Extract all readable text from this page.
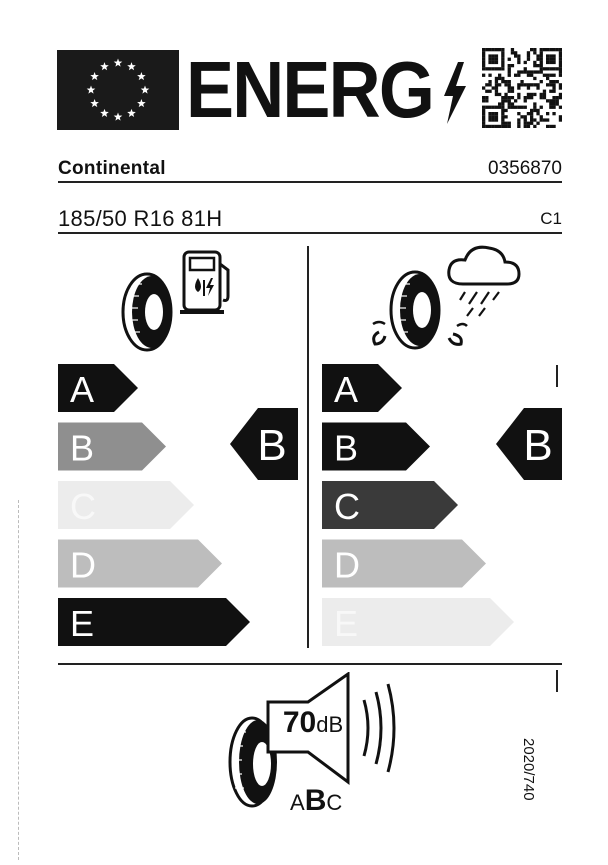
ENERG
Continental	0356870
185/50 R16 81H	C1
A
B
C
D
E
B
A
B
C
D
E
B
70dB
ABC
2020/740
